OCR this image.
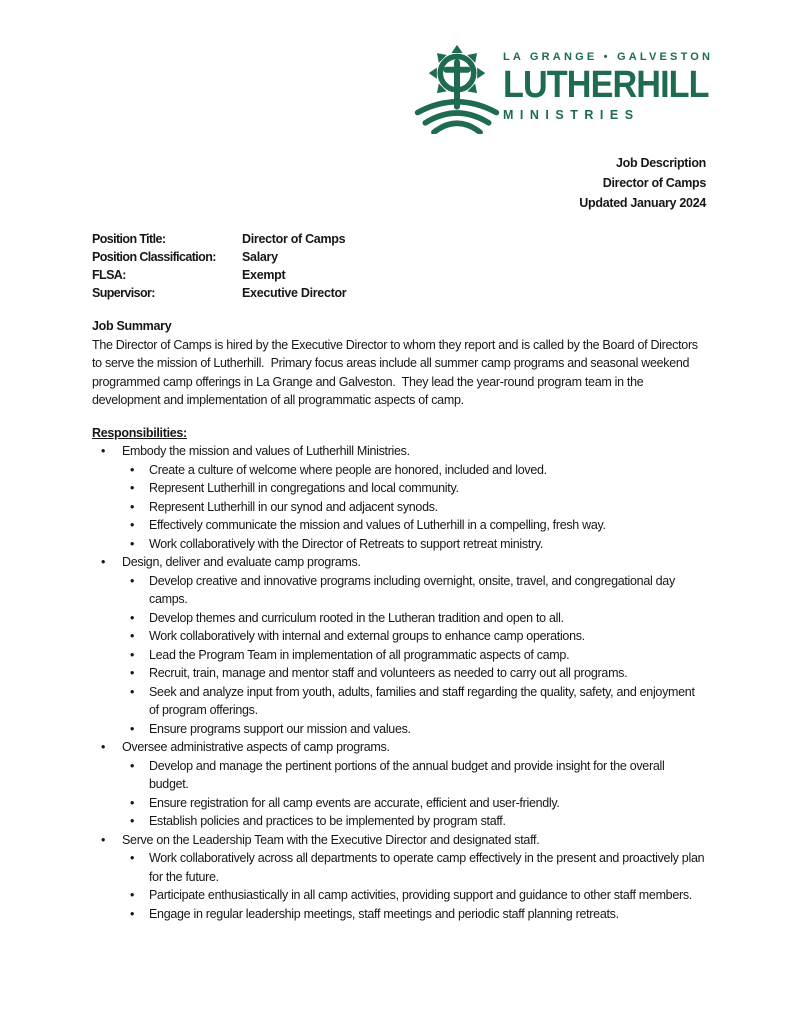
LA GRANGE • GALVESTON
LUTHERHILL
MINISTRIES
Job Description
Director of Camps
Updated January 2024
Position Title:	Director of Camps
Position Classification:	Salary
FLSA:	Exempt
Supervisor:	Executive Director
Job Summary
The Director of Camps is hired by the Executive Director to whom they report and is called by the Board of Directors to serve the mission of Lutherhill.  Primary focus areas include all summer camp programs and seasonal weekend programmed camp offerings in La Grange and Galveston.  They lead the year-round program team in the development and implementation of all programmatic aspects of camp.
Responsibilities:
• Embody the mission and values of Lutherhill Ministries.
• Create a culture of welcome where people are honored, included and loved.
• Represent Lutherhill in congregations and local community.
• Represent Lutherhill in our synod and adjacent synods.
• Effectively communicate the mission and values of Lutherhill in a compelling, fresh way.
• Work collaboratively with the Director of Retreats to support retreat ministry.
• Design, deliver and evaluate camp programs.
• Develop creative and innovative programs including overnight, onsite, travel, and congregational day camps.
• Develop themes and curriculum rooted in the Lutheran tradition and open to all.
• Work collaboratively with internal and external groups to enhance camp operations.
• Lead the Program Team in implementation of all programmatic aspects of camp.
• Recruit, train, manage and mentor staff and volunteers as needed to carry out all programs.
• Seek and analyze input from youth, adults, families and staff regarding the quality, safety, and enjoyment of program offerings.
• Ensure programs support our mission and values.
• Oversee administrative aspects of camp programs.
• Develop and manage the pertinent portions of the annual budget and provide insight for the overall budget.
• Ensure registration for all camp events are accurate, efficient and user-friendly.
• Establish policies and practices to be implemented by program staff.
• Serve on the Leadership Team with the Executive Director and designated staff.
• Work collaboratively across all departments to operate camp effectively in the present and proactively plan for the future.
• Participate enthusiastically in all camp activities, providing support and guidance to other staff members.
• Engage in regular leadership meetings, staff meetings and periodic staff planning retreats.
